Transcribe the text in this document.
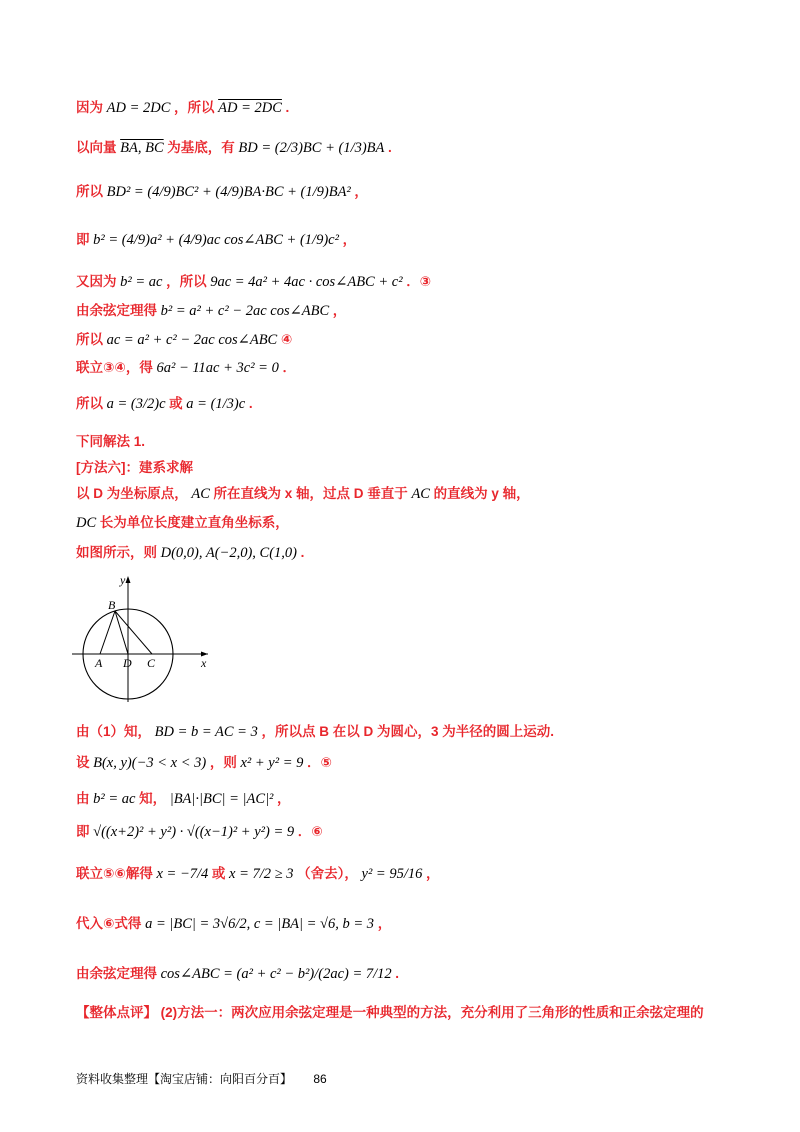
因为 AD = 2DC ，所以 AD = 2DC .
以向量 BA, BC 为基底，有 BD = (2/3)BC + (1/3)BA .
所以 BD² = (4/9)BC² + (4/9)BA·BC + (1/9)BA² ，
即 b² = (4/9)a² + (4/9)ac cos∠ABC + (1/9)c² ，
又因为 b² = ac ，所以 9ac = 4a² + 4ac · cos∠ABC + c² ．③
由余弦定理得 b² = a² + c² − 2ac cos∠ABC ，
所以 ac = a² + c² − 2ac cos∠ABC ④
联立③④，得 6a² − 11ac + 3c² = 0 ．
所以 a = (3/2)c 或 a = (1/3)c .
下同解法 1.
[方法六]：建系求解
以 D 为坐标原点， AC 所在直线为 x 轴，过点 D 垂直于 AC 的直线为 y 轴，
DC 长为单位长度建立直角坐标系，
如图所示，则 D(0,0), A(−2,0), C(1,0) .
y
x
B
A D C
由（1）知， BD = b = AC = 3 ，所以点 B 在以 D 为圆心，3 为半径的圆上运动.
设 B(x, y)(−3 < x < 3) ，则 x² + y² = 9 ．⑤
由 b² = ac 知， |BA|·|BC| = |AC|² ，
即 √((x+2)² + y²) · √((x−1)² + y²) = 9 ．⑥
联立⑤⑥解得 x = −7/4 或 x = 7/2 ≥ 3 （舍去）， y² = 95/16 ，
代入⑥式得 a = |BC| = 3√6/2, c = |BA| = √6, b = 3 ，
由余弦定理得 cos∠ABC = (a² + c² − b²)/(2ac) = 7/12 .
【整体点评】 (2)方法一：两次应用余弦定理是一种典型的方法，充分利用了三角形的性质和正余弦定理的
资料收集整理【淘宝店铺：向阳百分百】 86
